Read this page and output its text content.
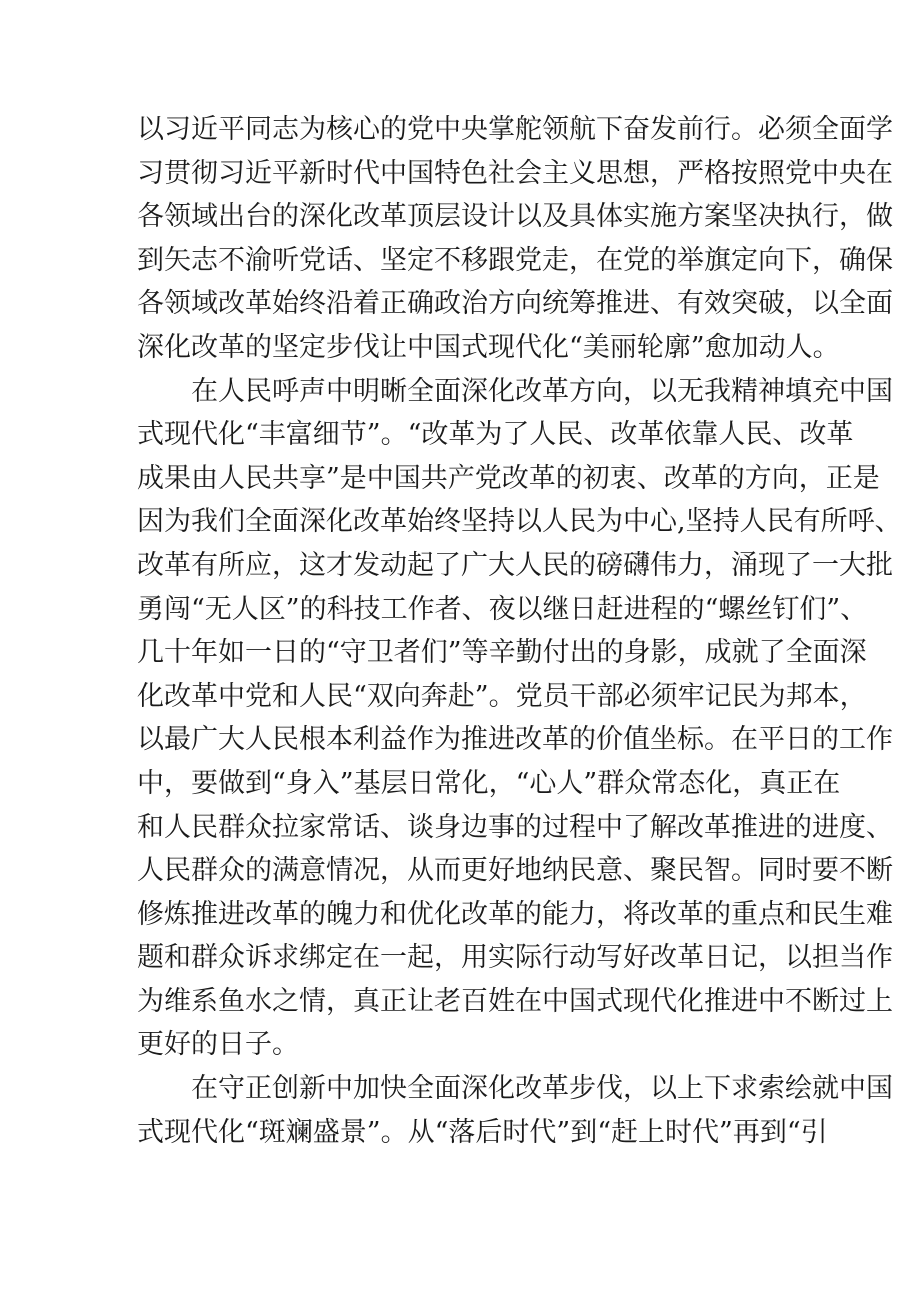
以习近平同志为核心的党中央掌舵领航下奋发前行。必须全面学
习贯彻习近平新时代中国特色社会主义思想，严格按照党中央在
各领域出台的深化改革顶层设计以及具体实施方案坚决执行，做
到矢志不渝听党话、坚定不移跟党走，在党的举旗定向下，确保
各领域改革始终沿着正确政治方向统筹推进、有效突破，以全面
深化改革的坚定步伐让中国式现代化“美丽轮廓”愈加动人。
在人民呼声中明晰全面深化改革方向，以无我精神填充中国
式现代化“丰富细节”。“改革为了人民、改革依靠人民、改革
成果由人民共享”是中国共产党改革的初衷、改革的方向，正是
因为我们全面深化改革始终坚持以人民为中心,坚持人民有所呼、
改革有所应，这才发动起了广大人民的磅礴伟力，涌现了一大批
勇闯“无人区”的科技工作者、夜以继日赶进程的“螺丝钉们”、
几十年如一日的“守卫者们”等辛勤付出的身影，成就了全面深
化改革中党和人民“双向奔赴”。党员干部必须牢记民为邦本，
以最广大人民根本利益作为推进改革的价值坐标。在平日的工作
中，要做到“身入”基层日常化，“心人”群众常态化，真正在
和人民群众拉家常话、谈身边事的过程中了解改革推进的进度、
人民群众的满意情况，从而更好地纳民意、聚民智。同时要不断
修炼推进改革的魄力和优化改革的能力，将改革的重点和民生难
题和群众诉求绑定在一起，用实际行动写好改革日记，以担当作
为维系鱼水之情，真正让老百姓在中国式现代化推进中不断过上
更好的日子。
在守正创新中加快全面深化改革步伐，以上下求索绘就中国
式现代化“斑斓盛景”。从“落后时代”到“赶上时代”再到“引
